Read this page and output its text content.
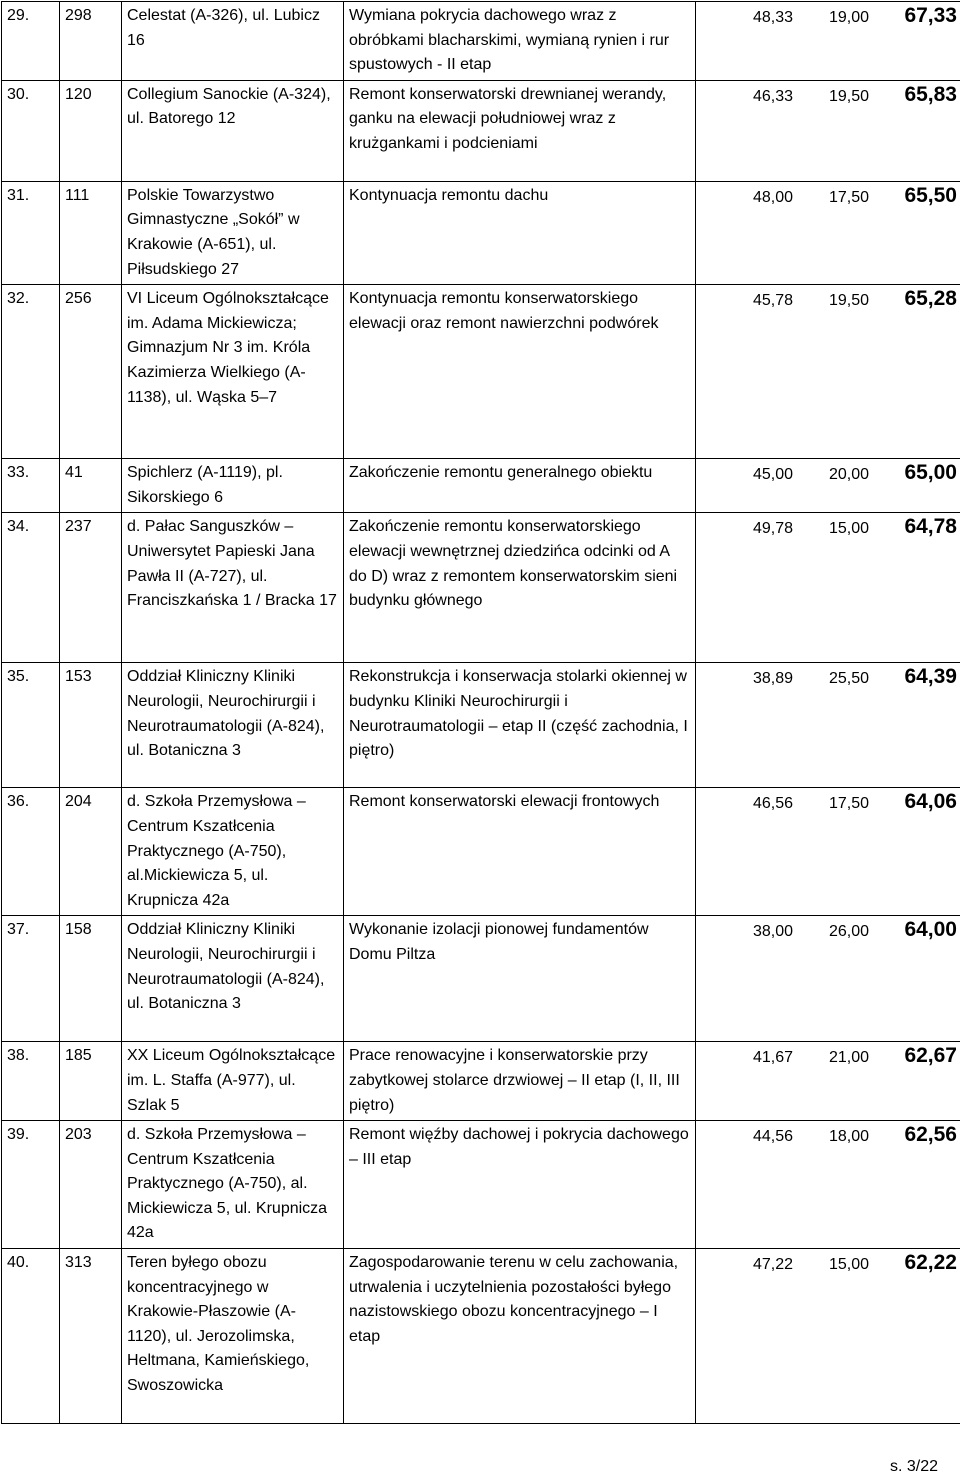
29.	298	Celestat (A-326), ul. Lubicz 16	Wymiana pokrycia dachowego wraz z obróbkami blacharskimi, wymianą rynien i rur spustowych - II etap	48,33 19,00 67,33

30.	120	Collegium Sanockie (A-324), ul. Batorego 12	Remont konserwatorski drewnianej werandy, ganku na elewacji południowej wraz z krużgankami i podcieniami	46,33 19,50 65,83

31.	111	Polskie Towarzystwo Gimnastyczne „Sokół” w Krakowie (A-651), ul. Piłsudskiego 27	Kontynuacja remontu dachu	48,00 17,50 65,50

32.	256	VI Liceum Ogólnokształcące im. Adama Mickiewicza; Gimnazjum Nr 3 im. Króla Kazimierza Wielkiego (A-1138), ul. Wąska 5–7	Kontynuacja remontu konserwatorskiego elewacji oraz remont nawierzchni podwórek	45,78 19,50 65,28

33.	41	Spichlerz (A-1119), pl. Sikorskiego 6	Zakończenie remontu generalnego obiektu	45,00 20,00 65,00

34.	237	d. Pałac Sanguszków – Uniwersytet Papieski Jana Pawła II (A-727), ul. Franciszkańska 1 / Bracka 17	Zakończenie remontu konserwatorskiego elewacji wewnętrznej dziedzińca odcinki od A do D) wraz z remontem konserwatorskim sieni budynku głównego	49,78 15,00 64,78

35.	153	Oddział Kliniczny Kliniki Neurologii, Neurochirurgii i Neurotraumatologii (A-824), ul. Botaniczna 3	Rekonstrukcja i konserwacja stolarki okiennej w budynku Kliniki Neurochirurgii i Neurotraumatologii – etap II (część zachodnia, I piętro)	38,89 25,50 64,39

36.	204	d. Szkoła Przemysłowa – Centrum Kszatłcenia Praktycznego (A-750), al.Mickiewicza 5, ul. Krupnicza 42a	Remont konserwatorski elewacji frontowych	46,56 17,50 64,06

37.	158	Oddział Kliniczny Kliniki Neurologii, Neurochirurgii i Neurotraumatologii (A-824), ul. Botaniczna 3	Wykonanie izolacji pionowej fundamentów Domu Piltza	38,00 26,00 64,00

38.	185	XX Liceum Ogólnokształcące im. L. Staffa (A-977), ul. Szlak 5	Prace renowacyjne i konserwatorskie przy zabytkowej stolarce drzwiowej – II etap (I, II, III piętro)	41,67 21,00 62,67

39.	203	d. Szkoła Przemysłowa – Centrum Kszatłcenia Praktycznego (A-750), al. Mickiewicza 5, ul. Krupnicza 42a	Remont więźby dachowej i pokrycia dachowego – III etap	44,56 18,00 62,56

40.	313	Teren byłego obozu koncentracyjnego w Krakowie-Płaszowie (A-1120), ul. Jerozolimska, Heltmana, Kamieńskiego, Swoszowicka	Zagospodarowanie terenu w celu zachowania, utrwalenia i uczytelnienia pozostałości byłego nazistowskiego obozu koncentracyjnego – I etap	47,22 15,00 62,22
s. 3/22
